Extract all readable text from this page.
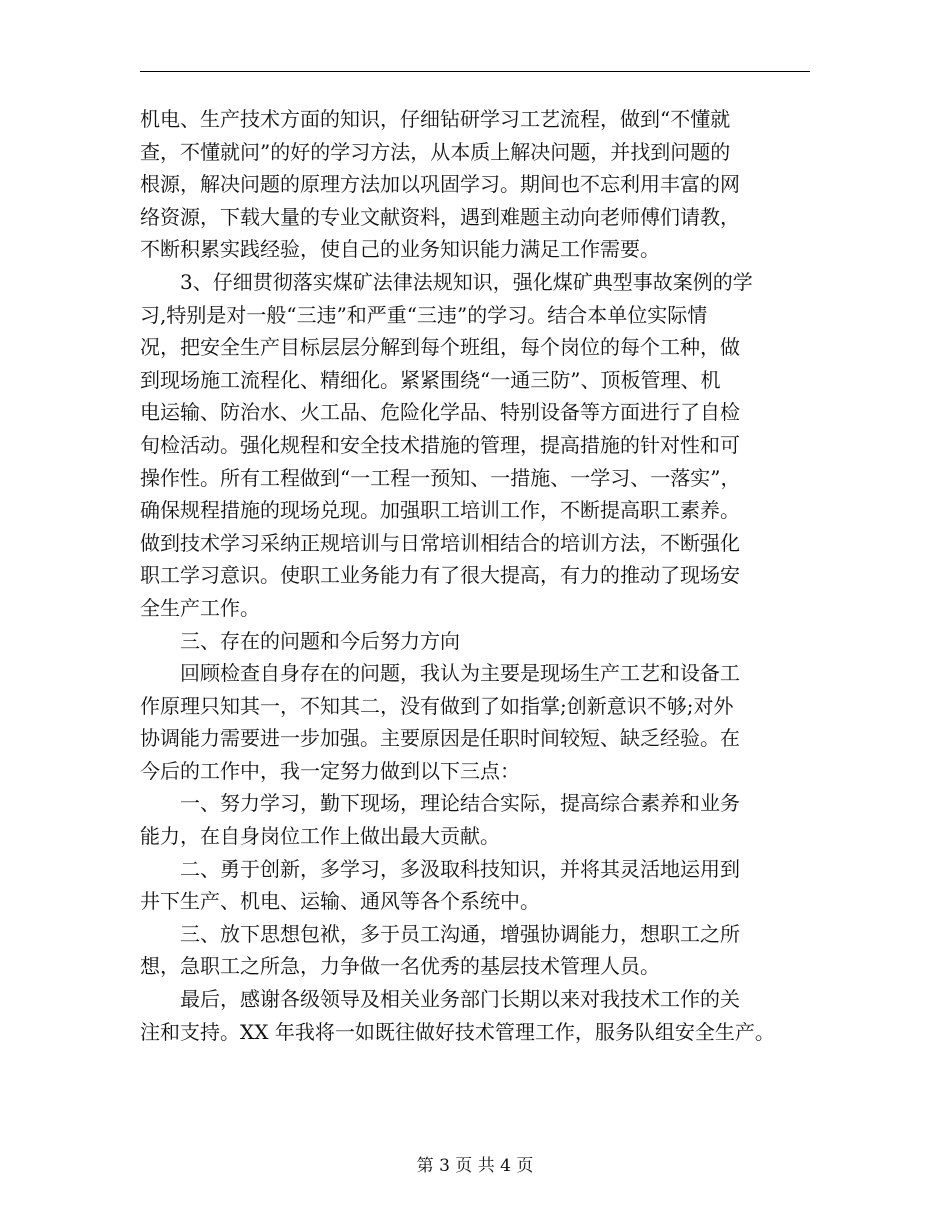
机电、生产技术方面的知识，仔细钻研学习工艺流程，做到“不懂就
查，不懂就问”的好的学习方法，从本质上解决问题，并找到问题的
根源，解决问题的原理方法加以巩固学习。期间也不忘利用丰富的网
络资源，下载大量的专业文献资料，遇到难题主动向老师傅们请教，
不断积累实践经验，使自己的业务知识能力满足工作需要。
3、仔细贯彻落实煤矿法律法规知识，强化煤矿典型事故案例的学
习,特别是对一般“三违”和严重“三违”的学习。结合本单位实际情
况，把安全生产目标层层分解到每个班组，每个岗位的每个工种，做
到现场施工流程化、精细化。紧紧围绕“一通三防”、顶板管理、机
电运输、防治水、火工品、危险化学品、特别设备等方面进行了自检
旬检活动。强化规程和安全技术措施的管理，提高措施的针对性和可
操作性。所有工程做到“一工程一预知、一措施、一学习、一落实”，
确保规程措施的现场兑现。加强职工培训工作，不断提高职工素养。
做到技术学习采纳正规培训与日常培训相结合的培训方法，不断强化
职工学习意识。使职工业务能力有了很大提高，有力的推动了现场安
全生产工作。
三、存在的问题和今后努力方向
回顾检查自身存在的问题，我认为主要是现场生产工艺和设备工
作原理只知其一，不知其二，没有做到了如指掌;创新意识不够;对外
协调能力需要进一步加强。主要原因是任职时间较短、缺乏经验。在
今后的工作中，我一定努力做到以下三点：
一、努力学习，勤下现场，理论结合实际，提高综合素养和业务
能力，在自身岗位工作上做出最大贡献。
二、勇于创新，多学习，多汲取科技知识，并将其灵活地运用到
井下生产、机电、运输、通风等各个系统中。
三、放下思想包袱，多于员工沟通，增强协调能力，想职工之所
想，急职工之所急，力争做一名优秀的基层技术管理人员。
最后，感谢各级领导及相关业务部门长期以来对我技术工作的关
注和支持。XX 年我将一如既往做好技术管理工作，服务队组安全生产。
第 3 页 共 4 页
